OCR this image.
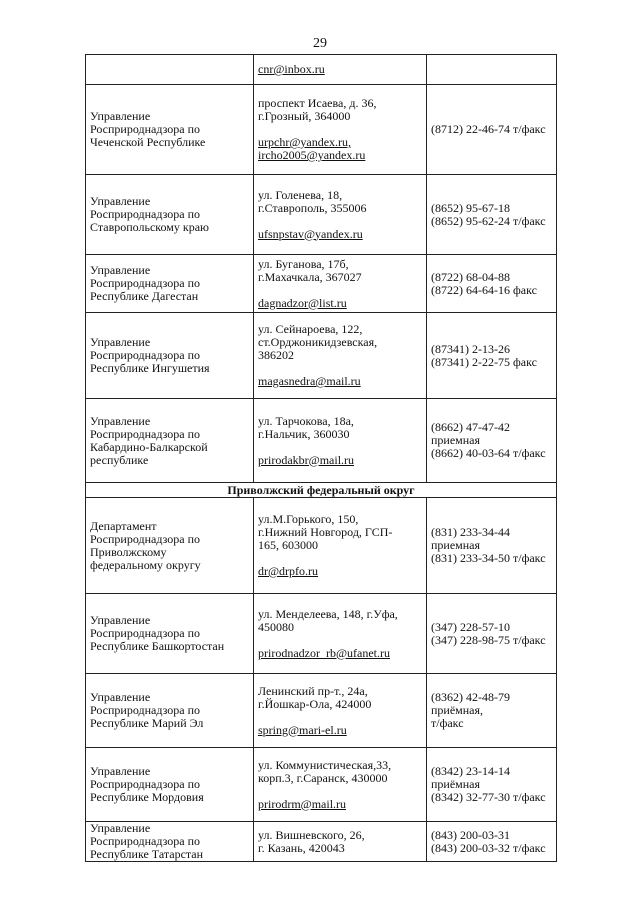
29

	cnr@inbox.ru	

Управление
Росприроднадзора по
Чеченской Республике	проспект Исаева, д. 36,
г.Грозный, 364000
urpchr@yandex.ru,
ircho2005@yandex.ru	(8712) 22-46-74 т/факс

Управление
Росприроднадзора по
Ставропольскому краю	ул. Голенева, 18,
г.Ставрополь, 355006
ufsnpstav@yandex.ru	(8652) 95-67-18
(8652) 95-62-24 т/факс

Управление
Росприроднадзора по
Республике Дагестан	ул. Буганова, 17б,
г.Махачкала, 367027
dagnadzor@list.ru	(8722) 68-04-88
(8722) 64-64-16 факс

Управление
Росприроднадзора по
Республике Ингушетия	ул. Сейнароева, 122,
ст.Орджоникидзевская,
386202
magasnedra@mail.ru	(87341) 2-13-26
(87341) 2-22-75 факс

Управление
Росприроднадзора по
Кабардино-Балкарской
республике	ул. Тарчокова, 18а,
г.Нальчик, 360030
prirodakbr@mail.ru	(8662) 47-47-42 приемная
(8662) 40-03-64 т/факс

Приволжский федеральный округ		

Департамент
Росприроднадзора по
Приволжскому
федеральному округу	ул.М.Горького, 150,
г.Нижний Новгород, ГСП-
165, 603000
dr@drpfo.ru	(831) 233-34-44 приемная
(831) 233-34-50 т/факс

Управление
Росприроднадзора по
Республике Башкортостан	ул. Менделеева, 148, г.Уфа,
450080
prirodnadzor_rb@ufanet.ru	(347) 228-57-10
(347) 228-98-75 т/факс

Управление
Росприроднадзора по
Республике Марий Эл	Ленинский пр-т., 24а,
г.Йошкар-Ола, 424000
spring@mari-el.ru	(8362) 42-48-79 приёмная,
т/факс

Управление
Росприроднадзора по
Республике Мордовия	ул. Коммунистическая,33,
корп.3, г.Саранск, 430000
prirodrm@mail.ru	(8342) 23-14-14 приёмная
(8342) 32-77-30 т/факс

Управление
Росприроднадзора по
Республике Татарстан	ул. Вишневского, 26,
г. Казань, 420043	(843) 200-03-31
(843) 200-03-32 т/факс
